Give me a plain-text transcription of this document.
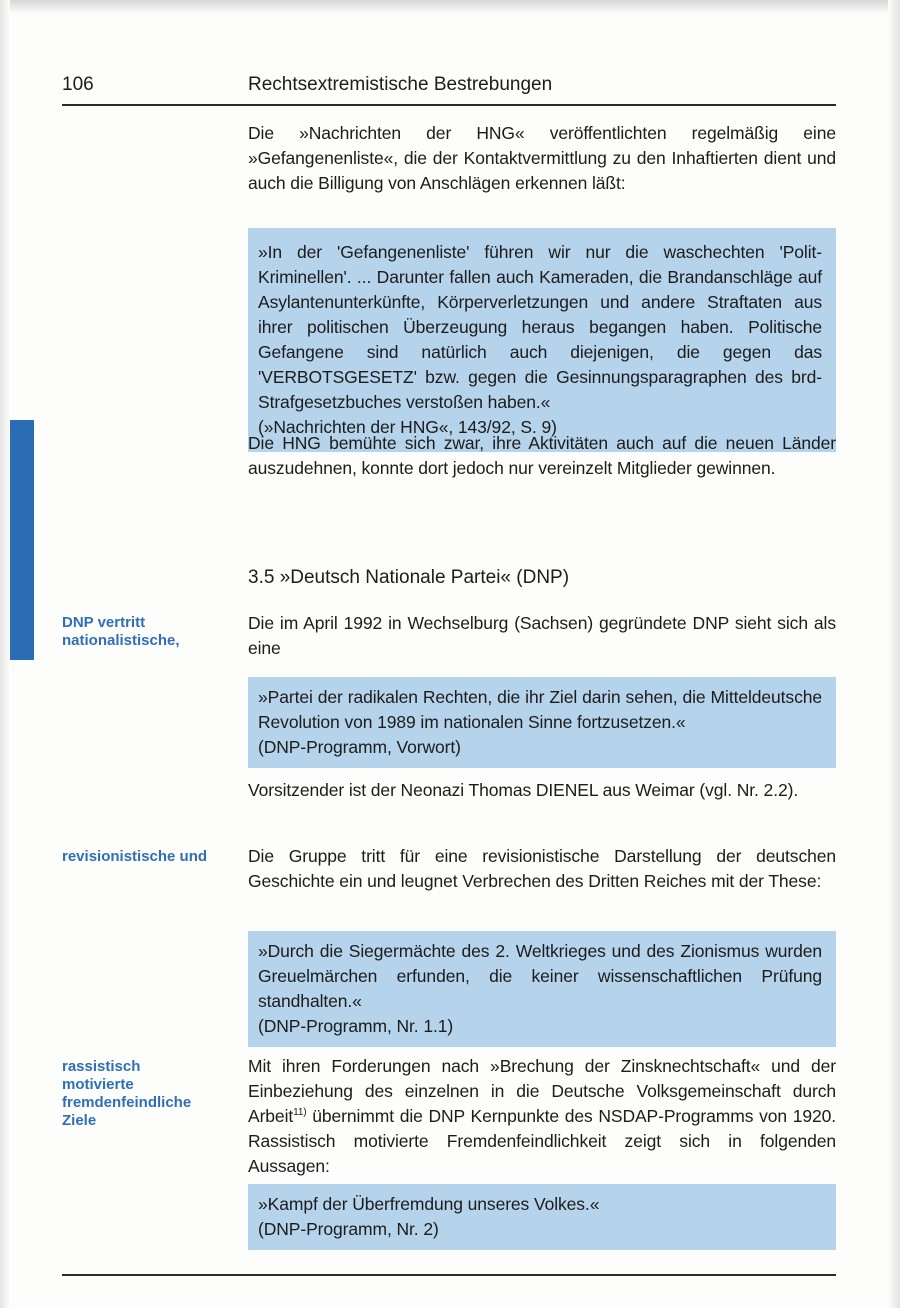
106	Rechtsextremistische Bestrebungen

Die »Nachrichten der HNG« veröffentlichten regelmäßig eine »Gefangenenliste«, die der Kontaktvermittlung zu den Inhaftierten dient und auch die Billigung von Anschlägen erkennen läßt:

»In der 'Gefangenenliste' führen wir nur die waschechten 'Polit-Kriminellen'. ... Darunter fallen auch Kameraden, die Brandanschläge auf Asylantenunterkünfte, Körperverletzungen und andere Straftaten aus ihrer politischen Überzeugung heraus begangen haben. Politische Gefangene sind natürlich auch diejenigen, die gegen das 'VERBOTSGESETZ' bzw. gegen die Gesinnungsparagraphen des brd-Strafgesetzbuches verstoßen haben.«
(»Nachrichten der HNG«, 143/92, S. 9)

Die HNG bemühte sich zwar, ihre Aktivitäten auch auf die neuen Länder auszudehnen, konnte dort jedoch nur vereinzelt Mitglieder gewinnen.

3.5 »Deutsch Nationale Partei« (DNP)
DNP vertritt nationalistische,

Die im April 1992 in Wechselburg (Sachsen) gegründete DNP sieht sich als eine

»Partei der radikalen Rechten, die ihr Ziel darin sehen, die Mitteldeutsche Revolution von 1989 im nationalen Sinne fortzusetzen.«
(DNP-Programm, Vorwort)

Vorsitzender ist der Neonazi Thomas DIENEL aus Weimar (vgl. Nr. 2.2).

revisionistische und Die Gruppe tritt für eine revisionistische Darstellung der deutschen Geschichte ein und leugnet Verbrechen des Dritten Reiches mit der These:

»Durch die Siegermächte des 2. Weltkrieges und des Zionismus wurden Greuelmärchen erfunden, die keiner wissenschaftlichen Prüfung standhalten.«
(DNP-Programm, Nr. 1.1)
rassistisch motivierte fremdenfeindliche Ziele

Mit ihren Forderungen nach »Brechung der Zinsknechtschaft« und der Einbeziehung des einzelnen in die Deutsche Volksgemeinschaft durch Arbeit$^{11)}$ übernimmt die DNP Kernpunkte des NSDAP-Programms von 1920. Rassistisch motivierte Fremdenfeindlichkeit zeigt sich in folgenden Aussagen:

»Kampf der Überfremdung unseres Volkes.«
(DNP-Programm, Nr. 2)
